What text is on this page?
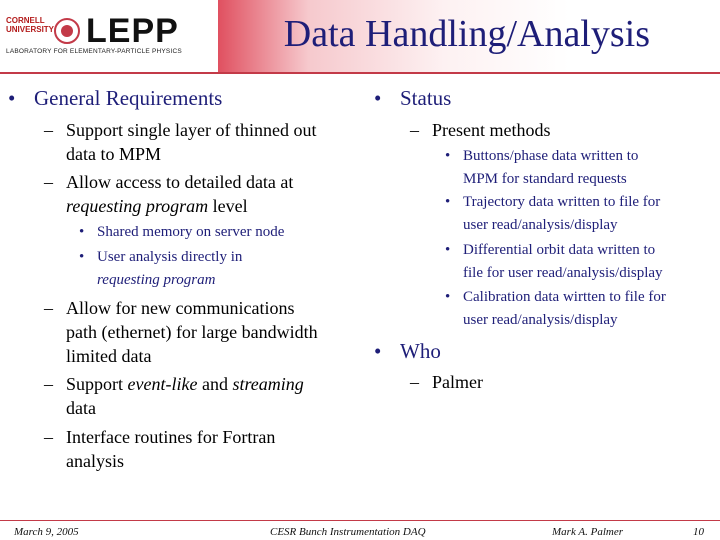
Data Handling/Analysis
CORNELL
UNIVERSITY LEPP
LABORATORY FOR ELEMENTARY-PARTICLE PHYSICS
• General Requirements
– Support single layer of thinned out
data to MPM
– Allow access to detailed data at
requesting program level
• Shared memory on server node
• User analysis directly in
requesting program
– Allow for new communications
path (ethernet) for large bandwidth
limited data
– Support event-like and streaming
data
– Interface routines for Fortran
analysis
• Status
– Present methods
• Buttons/phase data written to
MPM for standard requests
• Trajectory data written to file for
user read/analysis/display
• Differential orbit data written to
file for user read/analysis/display
• Calibration data wirtten to file for
user read/analysis/display
• Who
– Palmer
March 9, 2005	CESR Bunch Instrumentation DAQ	Mark A. Palmer	10
